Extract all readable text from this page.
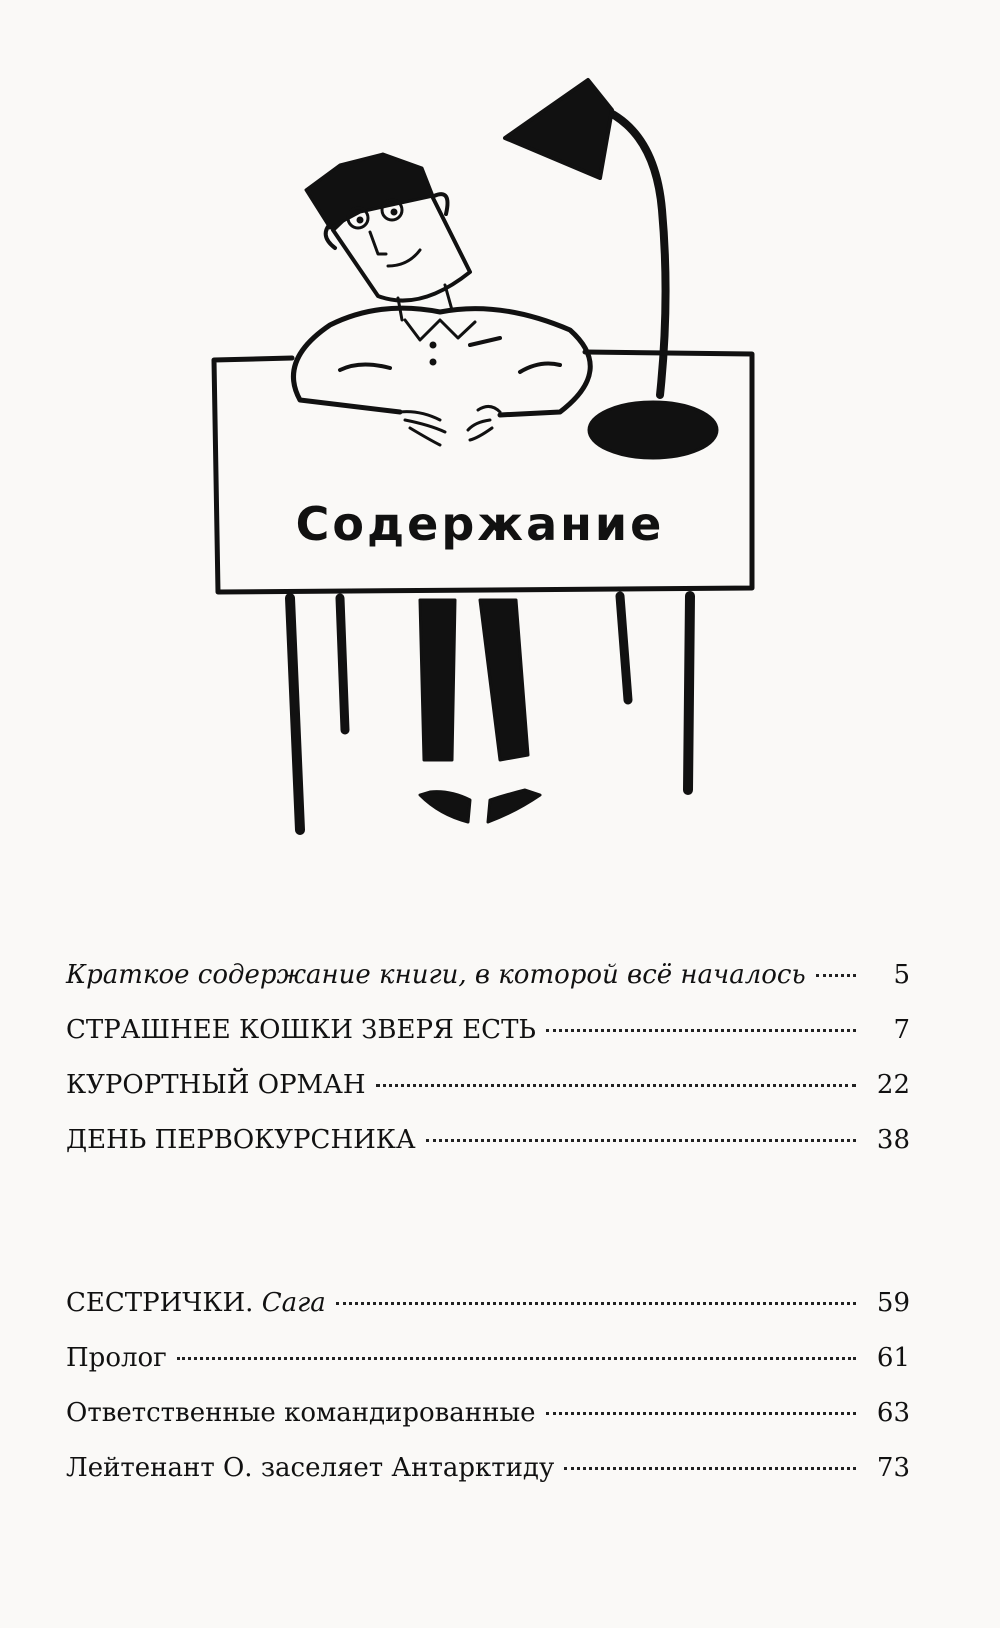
Содержание
Краткое содержание книги, в которой всё началось	5
СТРАШНЕЕ КОШКИ ЗВЕРЯ ЕСТЬ	7
КУРОРТНЫЙ ОРМАН	22
ДЕНЬ ПЕРВОКУРСНИКА	38
СЕСТРИЧКИ. Сага	59
Пролог	61
Ответственные командированные	63
Лейтенант О. заселяет Антарктиду	73
